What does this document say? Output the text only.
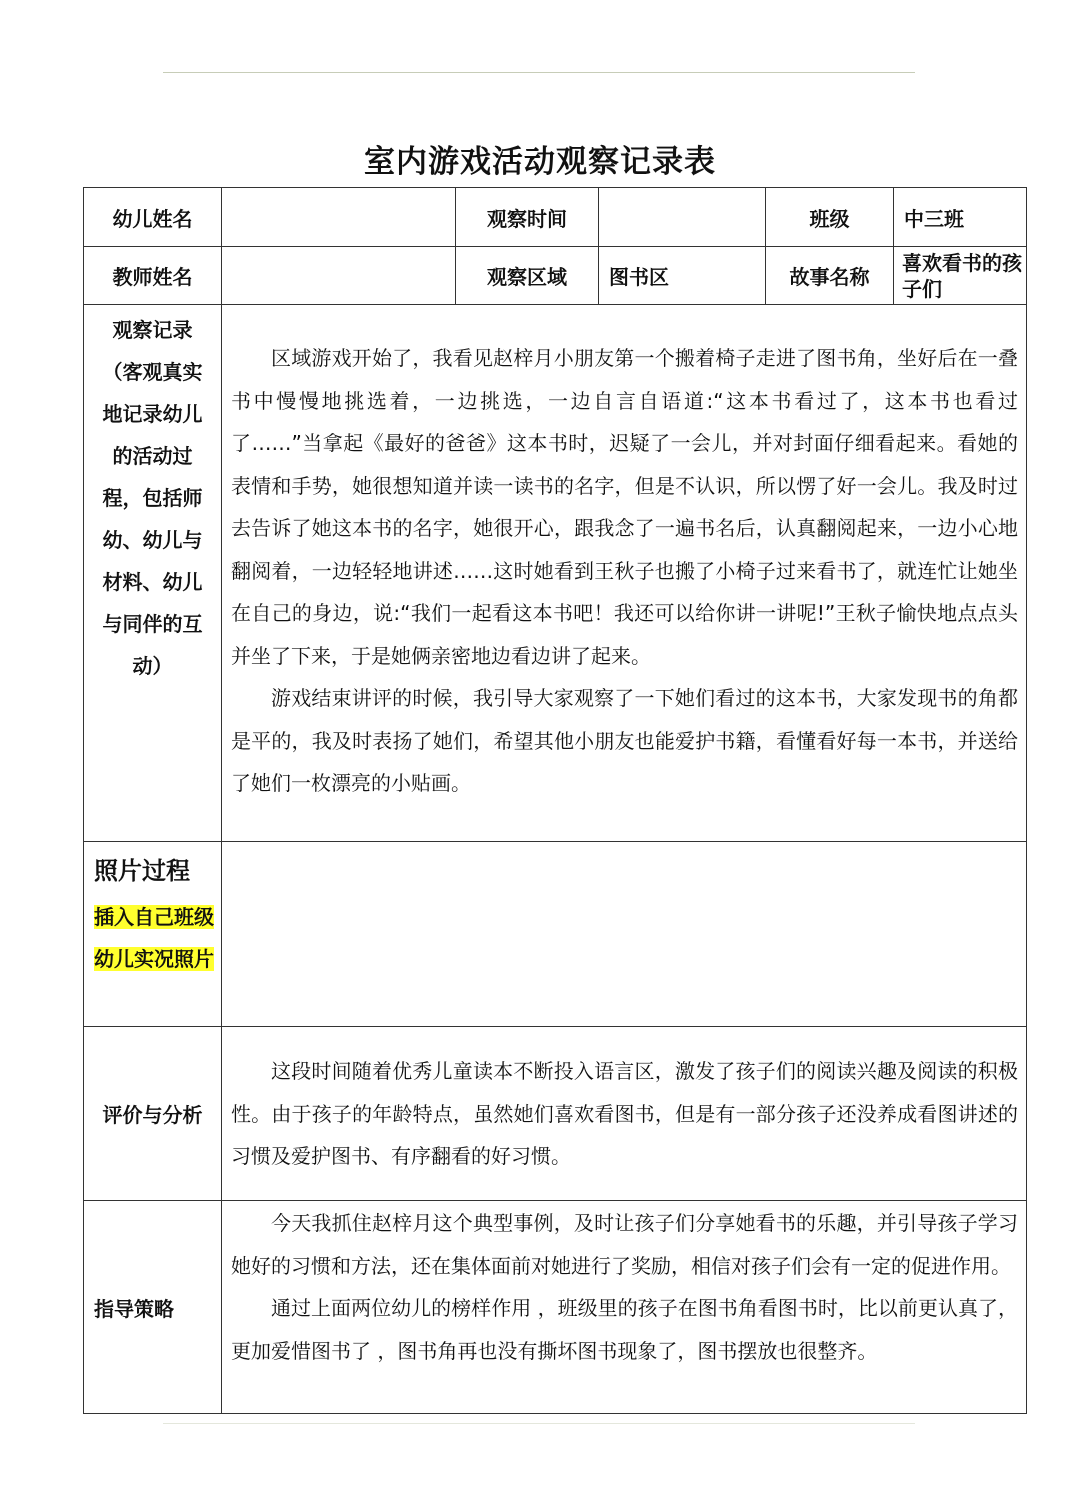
室内游戏活动观察记录表
幼儿姓名		观察时间		班级	中三班
教师姓名		观察区域	图书区	故事名称	喜欢看书的孩子们

观察记录（客观真实地记录幼儿的活动过程，包括师幼、幼儿与材料、幼儿与同伴的互动）	区域游戏开始了，我看见赵梓月小朋友第一个搬着椅子走进了图书角，坐好后在一叠书中慢慢地挑选着，一边挑选，一边自言自语道:“这本书看过了，这本书也看过了……”当拿起《最好的爸爸》这本书时，迟疑了一会儿，并对封面仔细看起来。看她的表情和手势，她很想知道并读一读书的名字，但是不认识，所以愣了好一会儿。我及时过去告诉了她这本书的名字，她很开心，跟我念了一遍书名后，认真翻阅起来，一边小心地翻阅着，一边轻轻地讲述……这时她看到王秋子也搬了小椅子过来看书了，就连忙让她坐在自己的身边，说:“我们一起看这本书吧！我还可以给你讲一讲呢!”王秋子愉快地点点头并坐了下来，于是她俩亲密地边看边讲了起来。

游戏结束讲评的时候，我引导大家观察了一下她们看过的这本书，大家发现书的角都是平的，我及时表扬了她们，希望其他小朋友也能爱护书籍，看懂看好每一本书，并送给了她们一枚漂亮的小贴画。				

照片过程
插入自己班级幼儿实况照片					
评价与分析	这段时间随着优秀儿童读本不断投入语言区，激发了孩子们的阅读兴趣及阅读的积极性。由于孩子的年龄特点，虽然她们喜欢看图书，但是有一部分孩子还没养成看图讲述的习惯及爱护图书、有序翻看的好习惯。				

指导策略	今天我抓住赵梓月这个典型事例，及时让孩子们分享她看书的乐趣，并引导孩子学习她好的习惯和方法，还在集体面前对她进行了奖励，相信对孩子们会有一定的促进作用。

通过上面两位幼儿的榜样作用 ，班级里的孩子在图书角看图书时，比以前更认真了，更加爱惜图书了 ，图书角再也没有撕坏图书现象了，图书摆放也很整齐。				
